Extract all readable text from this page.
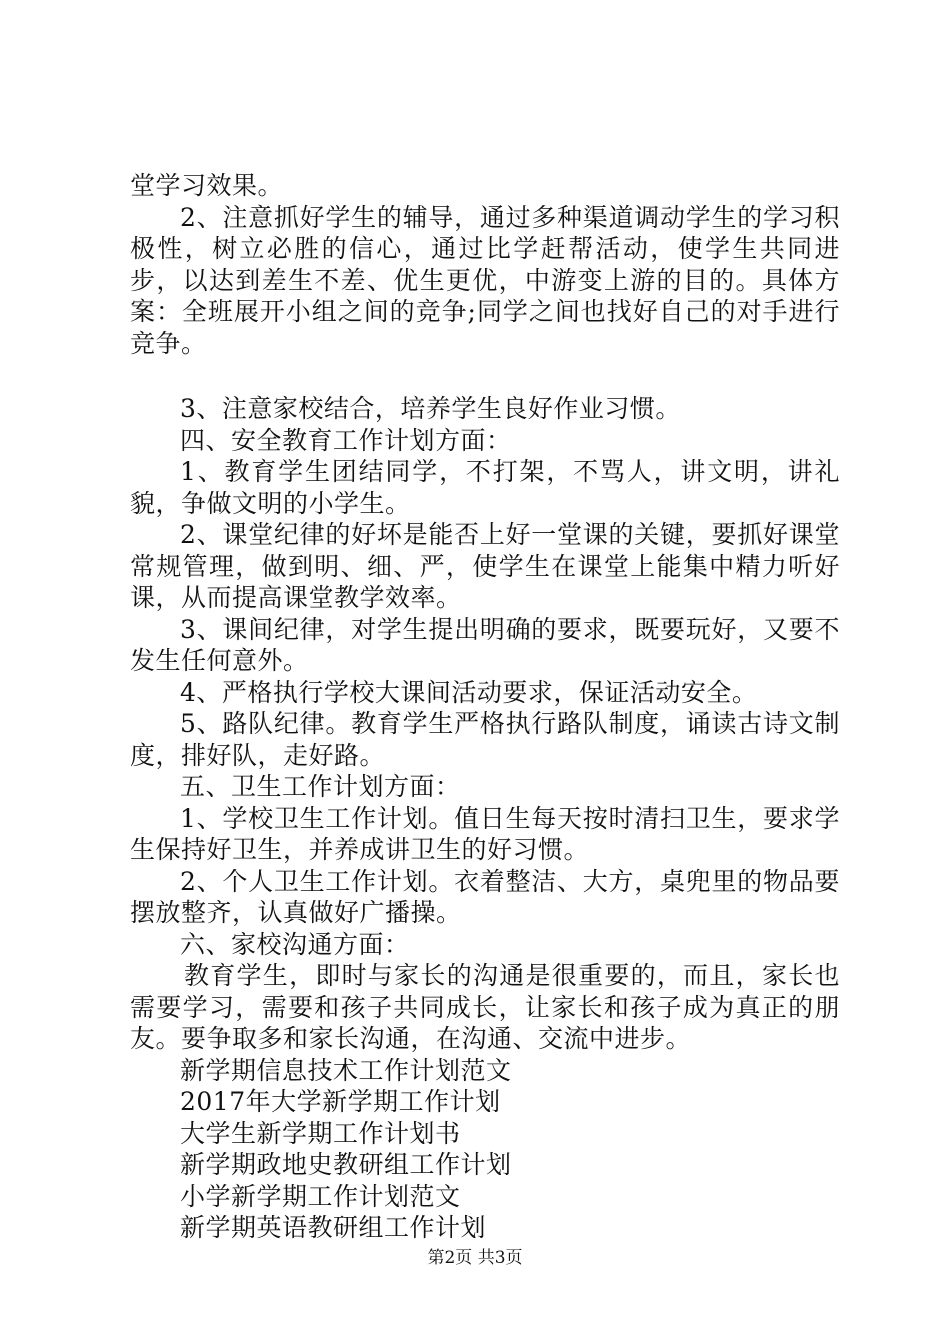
堂学习效果。

2、注意抓好学生的辅导，通过多种渠道调动学生的学习积极性，树立必胜的信心，通过比学赶帮活动，使学生共同进步，以达到差生不差、优生更优，中游变上游的目的。具体方案：全班展开小组之间的竞争;同学之间也找好自己的对手进行竞争。

3、注意家校结合，培养学生良好作业习惯。

四、安全教育工作计划方面：

1、教育学生团结同学，不打架，不骂人，讲文明，讲礼貌，争做文明的小学生。

2、课堂纪律的好坏是能否上好一堂课的关键，要抓好课堂常规管理，做到明、细、严，使学生在课堂上能集中精力听好课，从而提高课堂教学效率。

3、课间纪律，对学生提出明确的要求，既要玩好，又要不发生任何意外。

4、严格执行学校大课间活动要求，保证活动安全。

5、路队纪律。教育学生严格执行路队制度，诵读古诗文制度，排好队，走好路。

五、卫生工作计划方面：

1、学校卫生工作计划。值日生每天按时清扫卫生，要求学生保持好卫生，并养成讲卫生的好习惯。

2、个人卫生工作计划。衣着整洁、大方，桌兜里的物品要摆放整齐，认真做好广播操。

六、家校沟通方面：

教育学生，即时与家长的沟通是很重要的，而且，家长也需要学习，需要和孩子共同成长，让家长和孩子成为真正的朋友。要争取多和家长沟通，在沟通、交流中进步。

新学期信息技术工作计划范文
2017年大学新学期工作计划
大学生新学期工作计划书
新学期政地史教研组工作计划
小学新学期工作计划范文
新学期英语教研组工作计划
第2页 共3页
